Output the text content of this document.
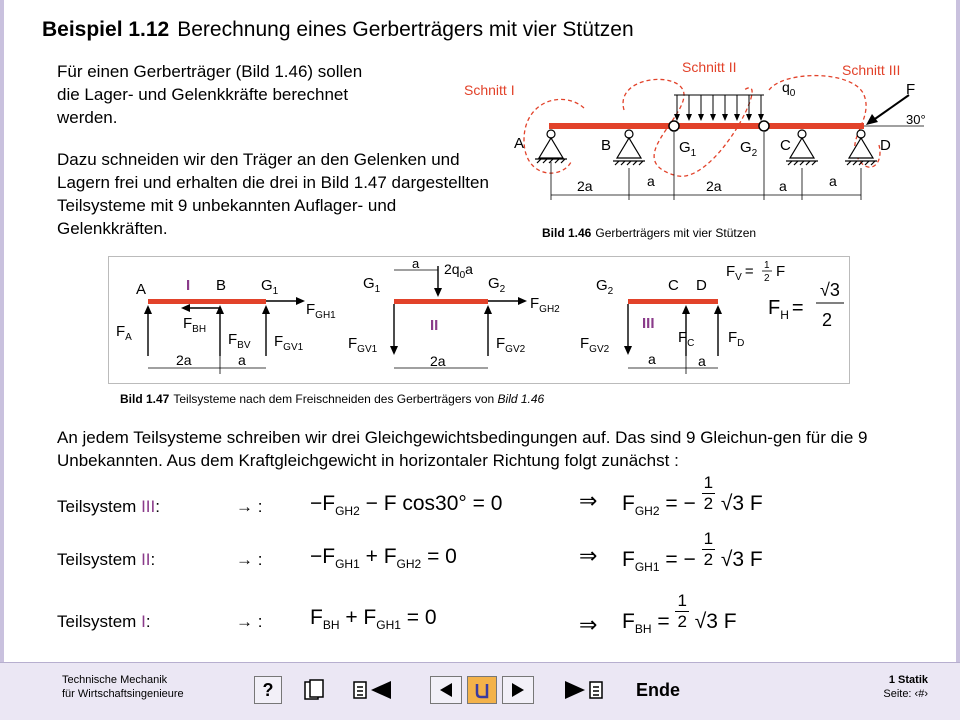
Beispiel 1.12 Berechnung eines Gerberträgers mit vier Stützen
Für einen Gerberträger (Bild 1.46) sollen die Lager- und Gelenkkräfte berechnet werden.
Dazu schneiden wir den Träger an den Gelenken und Lagern frei und erhalten die drei in Bild 1.47 dargestellten Teilsysteme mit 9 unbekannten Auflager- und Gelenkkräften.
Schnitt I
Schnitt II	Schnitt III
$q_0$	F
30°
A	B	$G_1$	$G_2$ C	D
2a	a	2a	a	a
Bild 1.46 Gerberträgers mit vier Stützen
I
A	B $G_1$
$F_A$
$F_{BH}$
$F_{BV}$
$F_{GH1}$
$F_{GV1}$
2a	a
II
$G_1$	$G_2$
$2q_0a$
a
$F_{GV1}$
$F_{GH2}$
$F_{GV2}$
2a
III
$G_2$	C D
$F_{GV2}$
$F_C$ $F_D$
$F_V = 1$
2 F
$F_H$ =
√3
2
a	a
Bild 1.47 Teilsysteme nach dem Freischneiden des Gerberträgers von Bild 1.46
An jedem Teilsysteme schreiben wir drei Gleichgewichtsbedingungen auf. Das sind 9 Gleichun-gen für die 9 Unbekannten. Aus dem Kraftgleichgewicht in horizontaler Richtung folgt zunächst :
Teilsystem III:	→ : $-F_{GH2} - F$ cos30° = 0	⇒ $F_{GH2}$ = − $\frac{1}{2} √3$ F
Teilsystem II:	→ : $-F_{GH1} + F_{GH2} = 0$	⇒ $F_{GH1}$ = − $\frac{1}{2} √3$ F
Teilsystem I:	→ : $F_{BH} + F_{GH1} = 0$	⇒ $F_{BH} = \frac{1}{2} √3$ F
Technische Mechanik
für Wirtschaftsingenieure	?	Ende	1 Statik
Seite: ‹#›
